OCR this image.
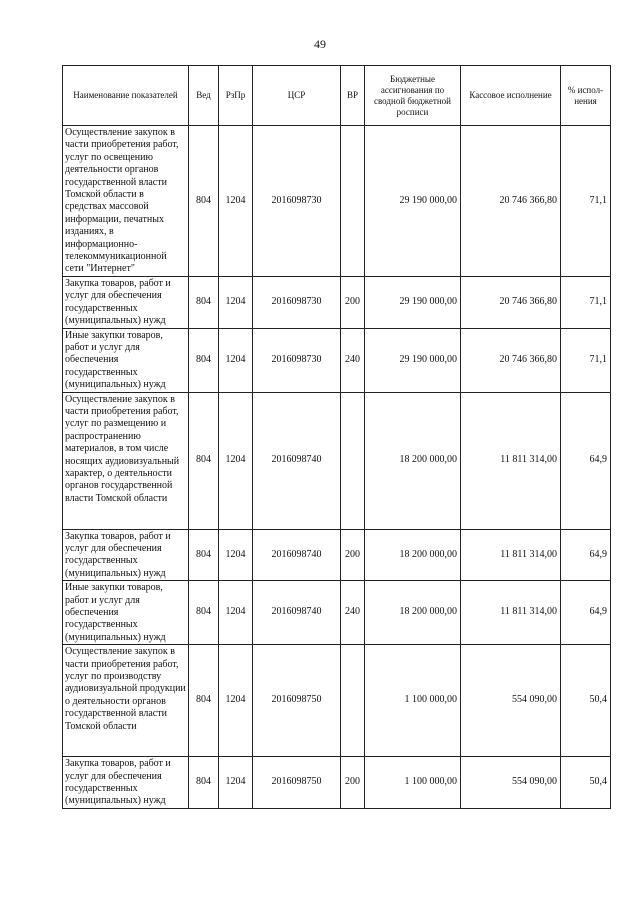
49
Наименование показателей	Вед	РзПр	ЦСР	ВР	Бюджетные ассигнования по сводной бюджетной росписи	Кассовое исполнение	% испол-нения
Осуществление закупок в части приобретения работ, услуг по освещению деятельности органов государственной власти Томской области в средствах массовой информации, печатных изданиях, в информационно-телекоммуникационной сети "Интернет"	804	1204	2016098730		29 190 000,00	20 746 366,80	71,1
Закупка товаров, работ и услуг для обеспечения государственных (муниципальных) нужд	804	1204	2016098730	200	29 190 000,00	20 746 366,80	71,1
Иные закупки товаров, работ и услуг для обеспечения государственных (муниципальных) нужд	804	1204	2016098730	240	29 190 000,00	20 746 366,80	71,1
Осуществление закупок в части приобретения работ, услуг по размещению и распространению материалов, в том числе носящих аудиовизуальный характер, о деятельности органов государственной власти Томской области	804	1204	2016098740		18 200 000,00	11 811 314,00	64,9
Закупка товаров, работ и услуг для обеспечения государственных (муниципальных) нужд	804	1204	2016098740	200	18 200 000,00	11 811 314,00	64,9
Иные закупки товаров, работ и услуг для обеспечения государственных (муниципальных) нужд	804	1204	2016098740	240	18 200 000,00	11 811 314,00	64,9
Осуществление закупок в части приобретения работ, услуг по производству аудиовизуальной продукции о деятельности органов государственной власти Томской области	804	1204	2016098750		1 100 000,00	554 090,00	50,4
Закупка товаров, работ и услуг для обеспечения государственных (муниципальных) нужд	804	1204	2016098750	200	1 100 000,00	554 090,00	50,4
